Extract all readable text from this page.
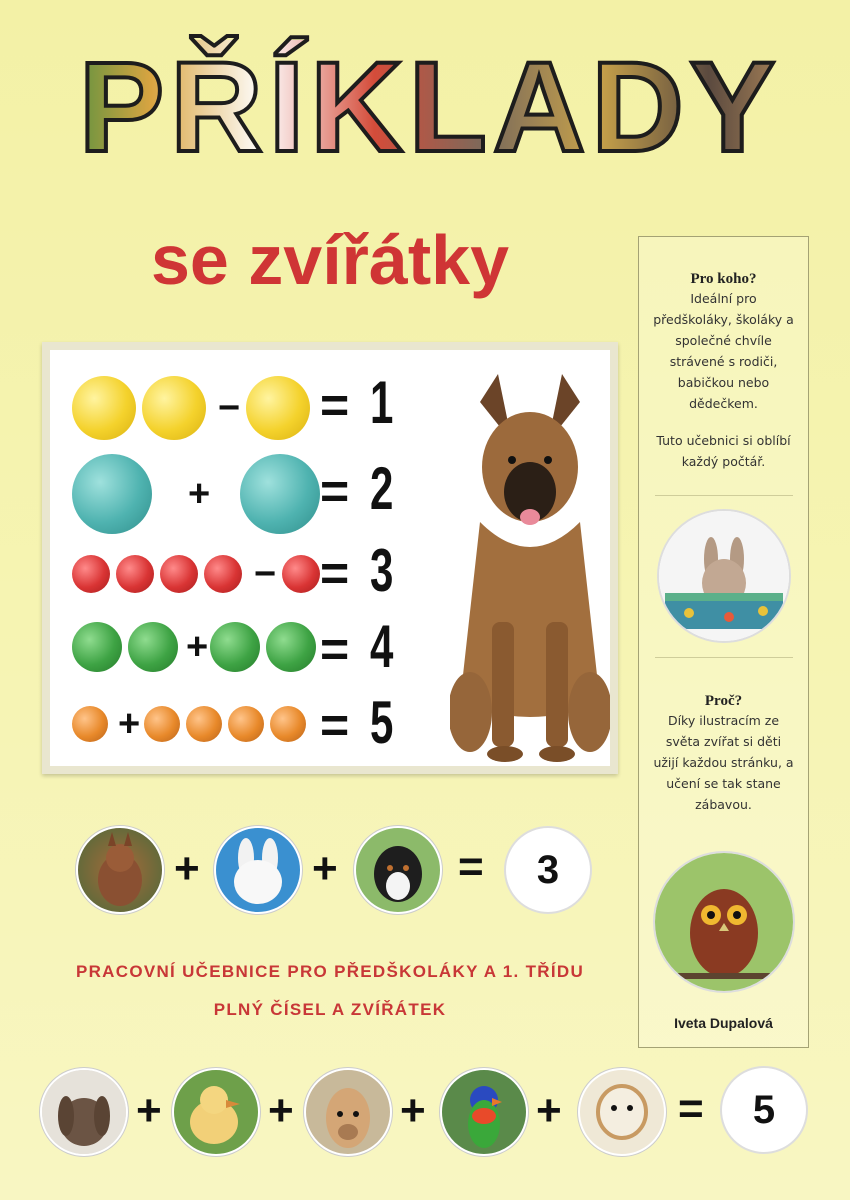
PŘÍKLADY
se zvířátky
− = 1
+ = 2
− = 3
+ = 4
+	= 5
Pro koho?
Ideální pro předškoláky, školáky a společné chvíle strávené s rodiči, babičkou nebo dědečkem.
Tuto učebnici si oblíbí každý počtář.
Proč?
Díky ilustracím ze světa zvířat si děti užijí každou stránku, a učení se tak stane zábavou.
Iveta Dupalová
+	+	=	3
PRACOVNÍ UČEBNICE PRO PŘEDŠKOLÁKY A 1. TŘÍDU
PLNÝ ČÍSEL A ZVÍŘÁTEK
+ + +	+	=	5
